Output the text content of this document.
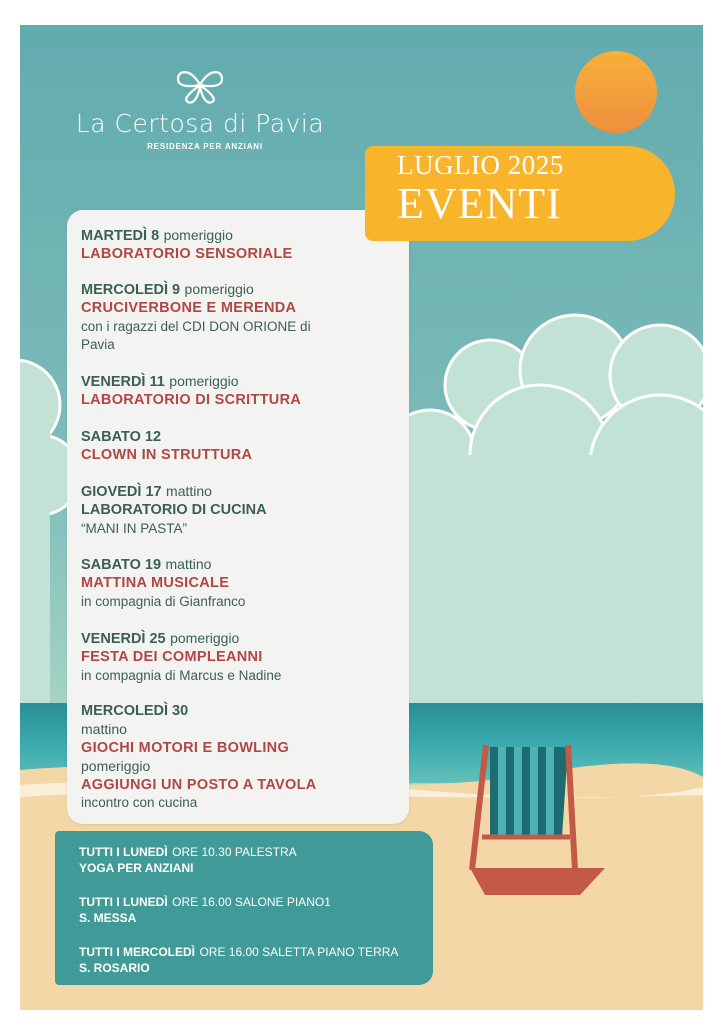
La Certosa di Pavia
RESIDENZA PER ANZIANI
MARTEDÌ 8 pomeriggio
LABORATORIO SENSORIALE
MERCOLEDÌ 9 pomeriggio
CRUCIVERBONE E MERENDA
con i ragazzi del CDI DON ORIONE di
Pavia
VENERDÌ 11 pomeriggio
LABORATORIO DI SCRITTURA
SABATO 12
CLOWN IN STRUTTURA
GIOVEDÌ 17 mattino
LABORATORIO DI CUCINA
“MANI IN PASTA”
SABATO 19 mattino
MATTINA MUSICALE
in compagnia di Gianfranco
VENERDÌ 25 pomeriggio
FESTA DEI COMPLEANNI
in compagnia di Marcus e Nadine
MERCOLEDÌ 30
mattino
GIOCHI MOTORI E BOWLING
pomeriggio
AGGIUNGI UN POSTO A TAVOLA
incontro con cucina
LUGLIO 2025
EVENTI
TUTTI I LUNEDÌ ORE 10.30 PALESTRA
YOGA PER ANZIANI
TUTTI I LUNEDÌ ORE 16.00 SALONE PIANO1
S. MESSA
TUTTI I MERCOLEDÌ ORE 16.00 SALETTA PIANO TERRA
S. ROSARIO
